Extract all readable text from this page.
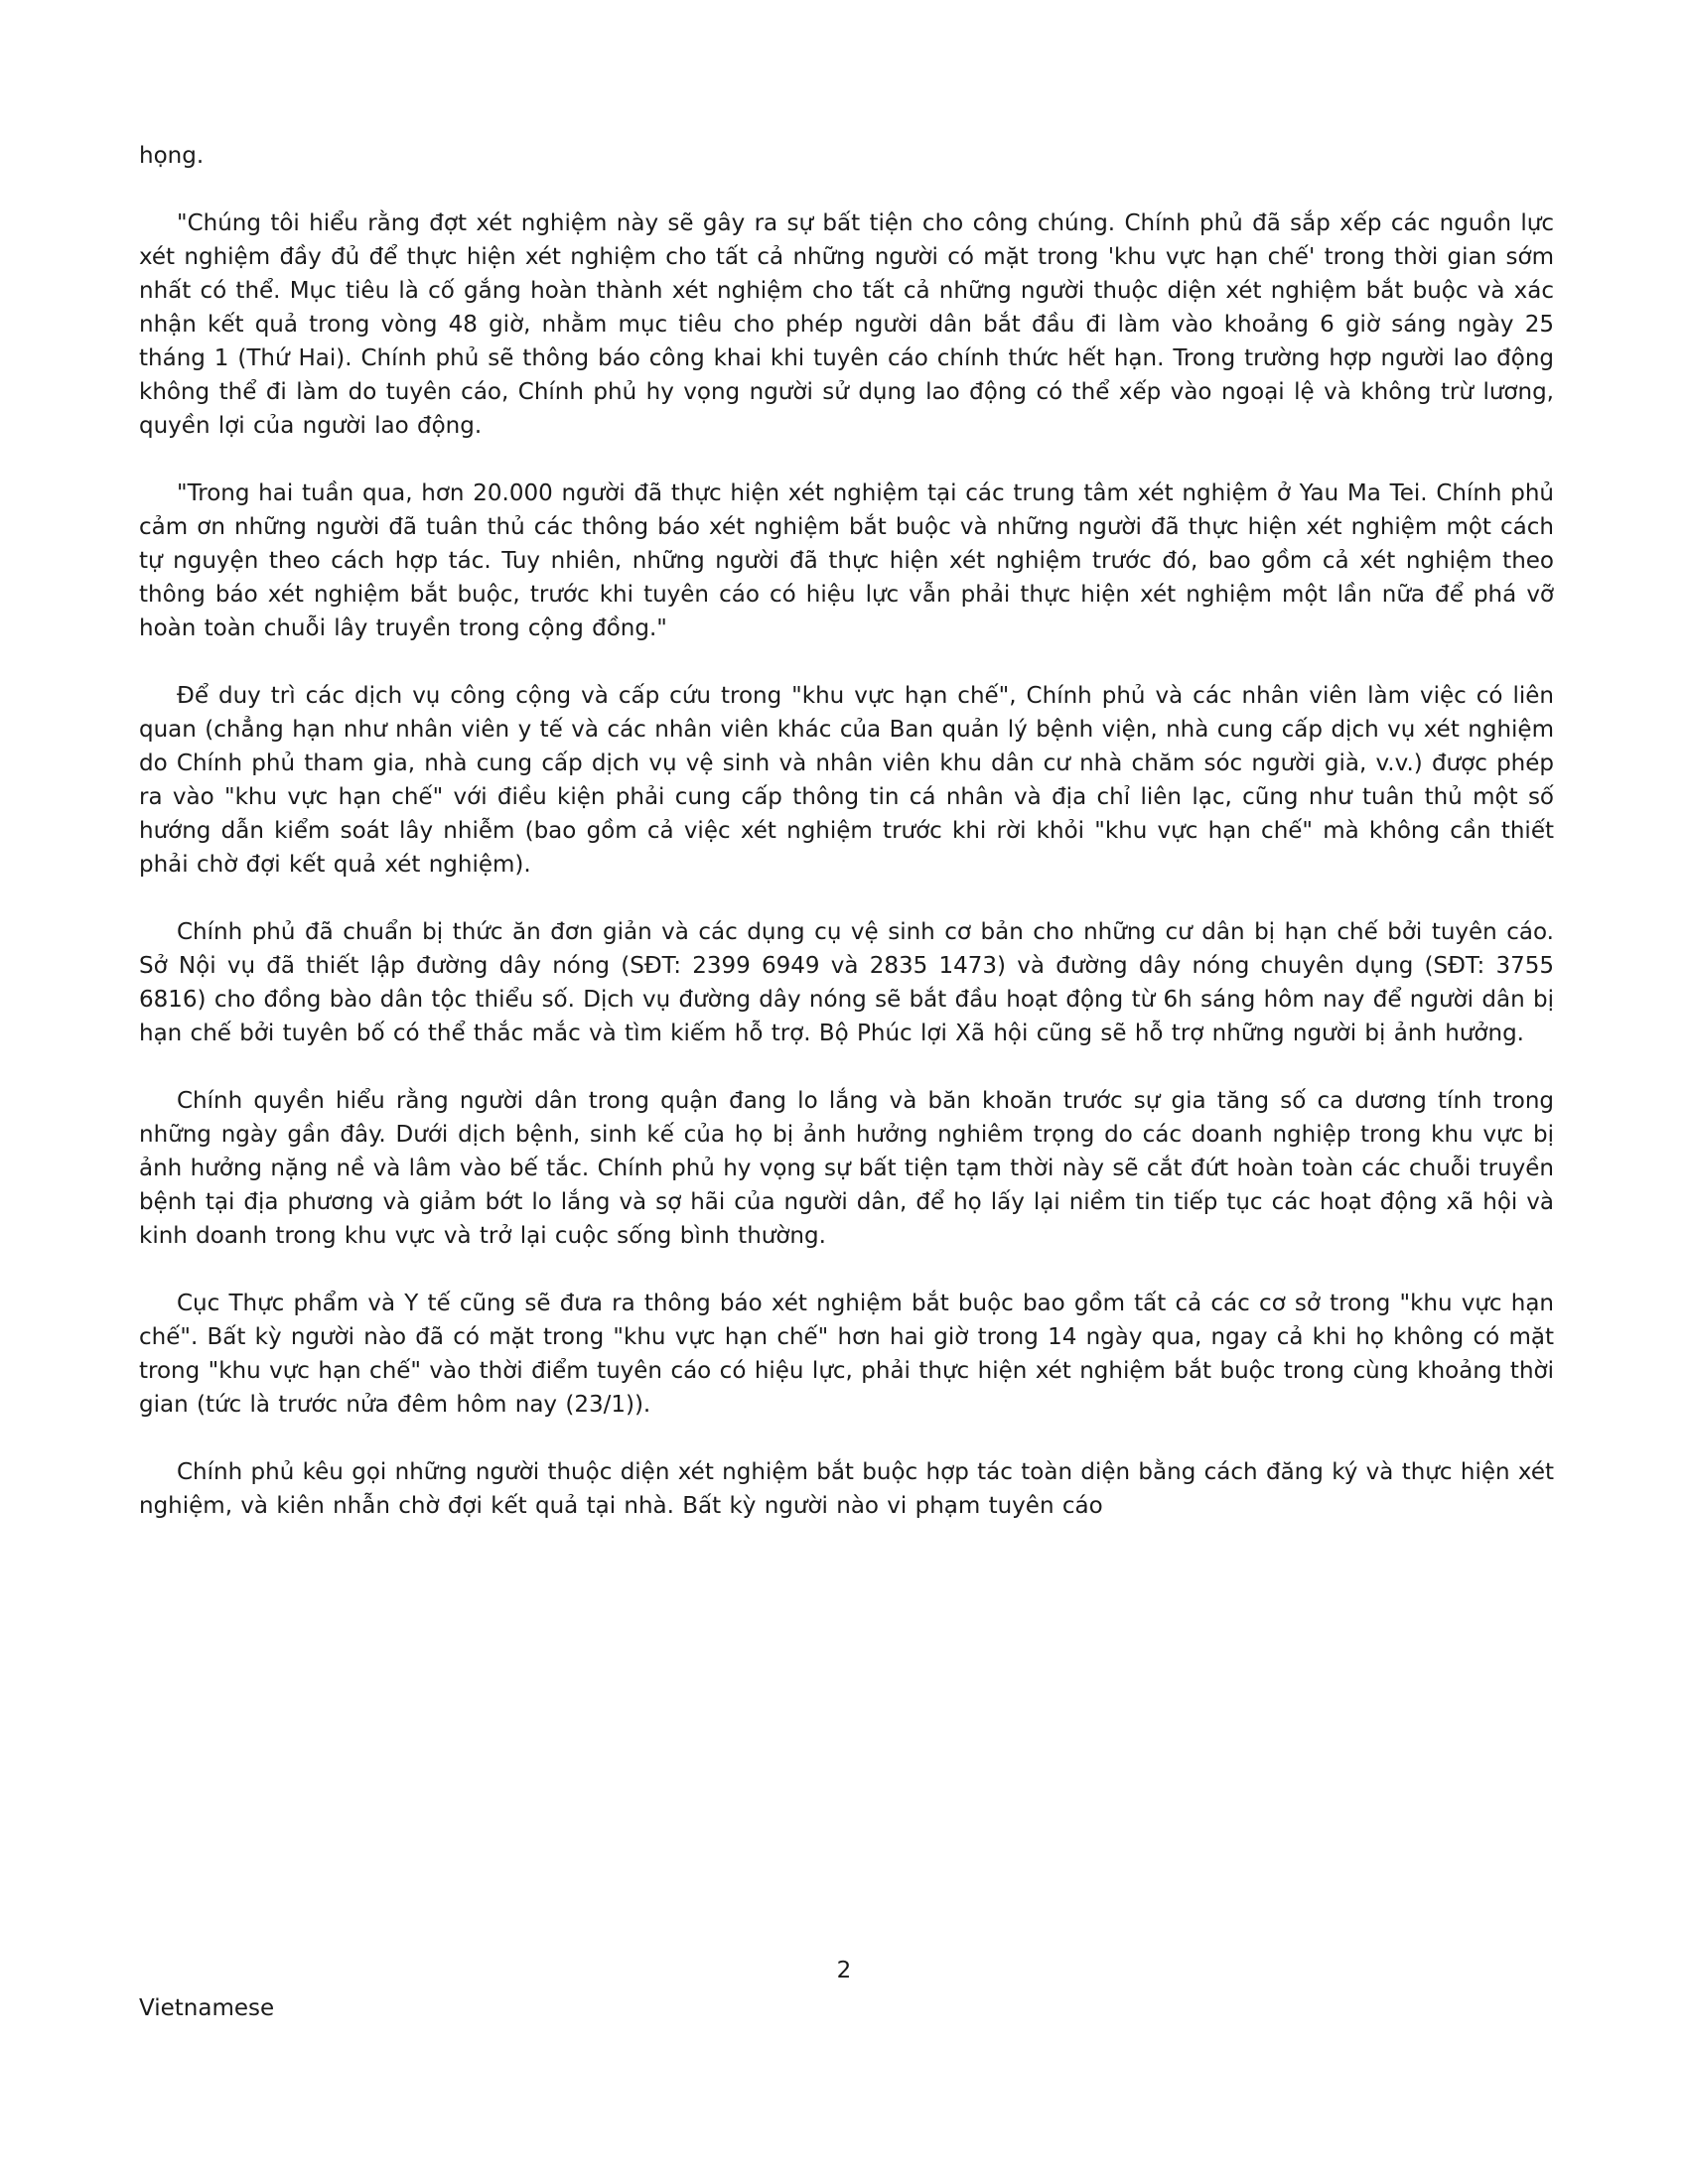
họng.

"Chúng tôi hiểu rằng đợt xét nghiệm này sẽ gây ra sự bất tiện cho công chúng. Chính phủ đã sắp xếp các nguồn lực xét nghiệm đầy đủ để thực hiện xét nghiệm cho tất cả những người có mặt trong 'khu vực hạn chế' trong thời gian sớm nhất có thể. Mục tiêu là cố gắng hoàn thành xét nghiệm cho tất cả những người thuộc diện xét nghiệm bắt buộc và xác nhận kết quả trong vòng 48 giờ, nhằm mục tiêu cho phép người dân bắt đầu đi làm vào khoảng 6 giờ sáng ngày 25 tháng 1 (Thứ Hai). Chính phủ sẽ thông báo công khai khi tuyên cáo chính thức hết hạn. Trong trường hợp người lao động không thể đi làm do tuyên cáo, Chính phủ hy vọng người sử dụng lao động có thể xếp vào ngoại lệ và không trừ lương, quyền lợi của người lao động.

"Trong hai tuần qua, hơn 20.000 người đã thực hiện xét nghiệm tại các trung tâm xét nghiệm ở Yau Ma Tei. Chính phủ cảm ơn những người đã tuân thủ các thông báo xét nghiệm bắt buộc và những người đã thực hiện xét nghiệm một cách tự nguyện theo cách hợp tác. Tuy nhiên, những người đã thực hiện xét nghiệm trước đó, bao gồm cả xét nghiệm theo thông báo xét nghiệm bắt buộc, trước khi tuyên cáo có hiệu lực vẫn phải thực hiện xét nghiệm một lần nữa để phá vỡ hoàn toàn chuỗi lây truyền trong cộng đồng."

Để duy trì các dịch vụ công cộng và cấp cứu trong "khu vực hạn chế", Chính phủ và các nhân viên làm việc có liên quan (chẳng hạn như nhân viên y tế và các nhân viên khác của Ban quản lý bệnh viện, nhà cung cấp dịch vụ xét nghiệm do Chính phủ tham gia, nhà cung cấp dịch vụ vệ sinh và nhân viên khu dân cư nhà chăm sóc người già, v.v.) được phép ra vào "khu vực hạn chế" với điều kiện phải cung cấp thông tin cá nhân và địa chỉ liên lạc, cũng như tuân thủ một số hướng dẫn kiểm soát lây nhiễm (bao gồm cả việc xét nghiệm trước khi rời khỏi "khu vực hạn chế" mà không cần thiết phải chờ đợi kết quả xét nghiệm).

Chính phủ đã chuẩn bị thức ăn đơn giản và các dụng cụ vệ sinh cơ bản cho những cư dân bị hạn chế bởi tuyên cáo. Sở Nội vụ đã thiết lập đường dây nóng (SĐT: 2399 6949 và 2835 1473) và đường dây nóng chuyên dụng (SĐT: 3755 6816) cho đồng bào dân tộc thiểu số. Dịch vụ đường dây nóng sẽ bắt đầu hoạt động từ 6h sáng hôm nay để người dân bị hạn chế bởi tuyên bố có thể thắc mắc và tìm kiếm hỗ trợ. Bộ Phúc lợi Xã hội cũng sẽ hỗ trợ những người bị ảnh hưởng.

Chính quyền hiểu rằng người dân trong quận đang lo lắng và băn khoăn trước sự gia tăng số ca dương tính trong những ngày gần đây. Dưới dịch bệnh, sinh kế của họ bị ảnh hưởng nghiêm trọng do các doanh nghiệp trong khu vực bị ảnh hưởng nặng nề và lâm vào bế tắc. Chính phủ hy vọng sự bất tiện tạm thời này sẽ cắt đứt hoàn toàn các chuỗi truyền bệnh tại địa phương và giảm bớt lo lắng và sợ hãi của người dân, để họ lấy lại niềm tin tiếp tục các hoạt động xã hội và kinh doanh trong khu vực và trở lại cuộc sống bình thường.

Cục Thực phẩm và Y tế cũng sẽ đưa ra thông báo xét nghiệm bắt buộc bao gồm tất cả các cơ sở trong "khu vực hạn chế". Bất kỳ người nào đã có mặt trong "khu vực hạn chế" hơn hai giờ trong 14 ngày qua, ngay cả khi họ không có mặt trong "khu vực hạn chế" vào thời điểm tuyên cáo có hiệu lực, phải thực hiện xét nghiệm bắt buộc trong cùng khoảng thời gian (tức là trước nửa đêm hôm nay (23/1)).

Chính phủ kêu gọi những người thuộc diện xét nghiệm bắt buộc hợp tác toàn diện bằng cách đăng ký và thực hiện xét nghiệm, và kiên nhẫn chờ đợi kết quả tại nhà. Bất kỳ người nào vi phạm tuyên cáo

2
Vietnamese
